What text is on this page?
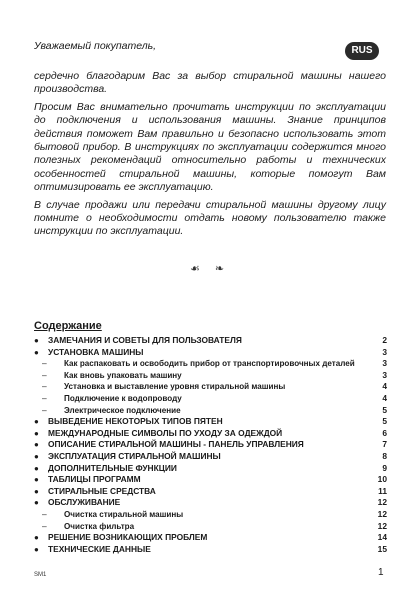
Уважаемый покупатель,	RUS

сердечно благодарим Вас за выбор стиральной машины нашего производства.

Просим Вас внимательно прочитать инструкции по эксплуатации до подключения и использования машины. Знание принципов действия поможет Вам правильно и безопасно использовать этот бытовой прибор. В инструкциях по эксплуатации содержится много полезных рекомендаций относительно работы и технических особенностей стиральной машины, которые помогут Вам оптимизировать ее эксплуатацию.

В случае продажи или передачи стиральной машины другому лицу помните о необходимости отдать новому пользователю также инструкции по эксплуатации.

☙ ❧
Содержание
●	ЗАМЕЧАНИЯ И СОВЕТЫ ДЛЯ ПОЛЬЗОВАТЕЛЯ	2
●	УСТАНОВКА МАШИНЫ	3
–	Как распаковать и освободить прибор от транспортировочных деталей	3
–	Как вновь упаковать машину	3
–	Установка и выставление уровня стиральной машины	4
–	Подключение к водопроводу	4
–	Электрическое подключение	5
●	ВЫВЕДЕНИЕ НЕКОТОРЫХ ТИПОВ ПЯТЕН	5
●	МЕЖДУНАРОДНЫЕ СИМВОЛЫ ПО УХОДУ ЗА ОДЕЖДОЙ	6
●	ОПИСАНИЕ СТИРАЛЬНОЙ МАШИНЫ - ПАНЕЛЬ УПРАВЛЕНИЯ	7
●	ЭКСПЛУАТАЦИЯ СТИРАЛЬНОЙ МАШИНЫ	8
●	ДОПОЛНИТЕЛЬНЫЕ ФУНКЦИИ	9
●	ТАБЛИЦЫ ПРОГРАММ	10
●	СТИРАЛЬНЫЕ СРЕДСТВА	11
●	ОБСЛУЖИВАНИЕ	12
–	Очистка стиральной машины	12
–	Очистка фильтра	12
●	РЕШЕНИЕ ВОЗНИКАЮЩИХ ПРОБЛЕМ	14
●	ТЕХНИЧЕСКИЕ ДАННЫЕ	15
SM1	1
